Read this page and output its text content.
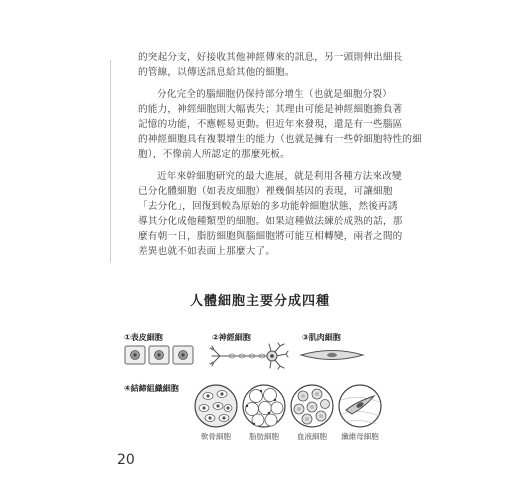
的突起分支，好接收其他神經傳來的訊息，另一頭則伸出細長
的管線，以傳送訊息給其他的細胞。
分化完全的腦細胞仍保持部分增生（也就是細胞分裂）
的能力，神經細胞則大幅喪失；其理由可能是神經細胞擔負著
記憶的功能，不應輕易更動。但近年來發現，還是有一些腦區
的神經細胞具有複製增生的能力（也就是擁有一些幹細胞特性的細
胞），不像前人所認定的那麼死板。
近年來幹細胞研究的最大進展，就是利用各種方法來改變
已分化體細胞（如表皮細胞）裡幾個基因的表現，可讓細胞
「去分化」，回復到較為原始的多功能幹細胞狀態，然後再誘
導其分化成他種類型的細胞。如果這種做法練於成熟的話，那
麼有朝一日，脂肪細胞與腦細胞將可能互相轉變，兩者之間的
差異也就不如表面上那麼大了。
人體細胞主要分成四種
①表皮細胞	②神經細胞	③肌肉細胞
④結締組織細胞
軟骨細胞	脂肪細胞	血液細胞	纖維母細胞
20
